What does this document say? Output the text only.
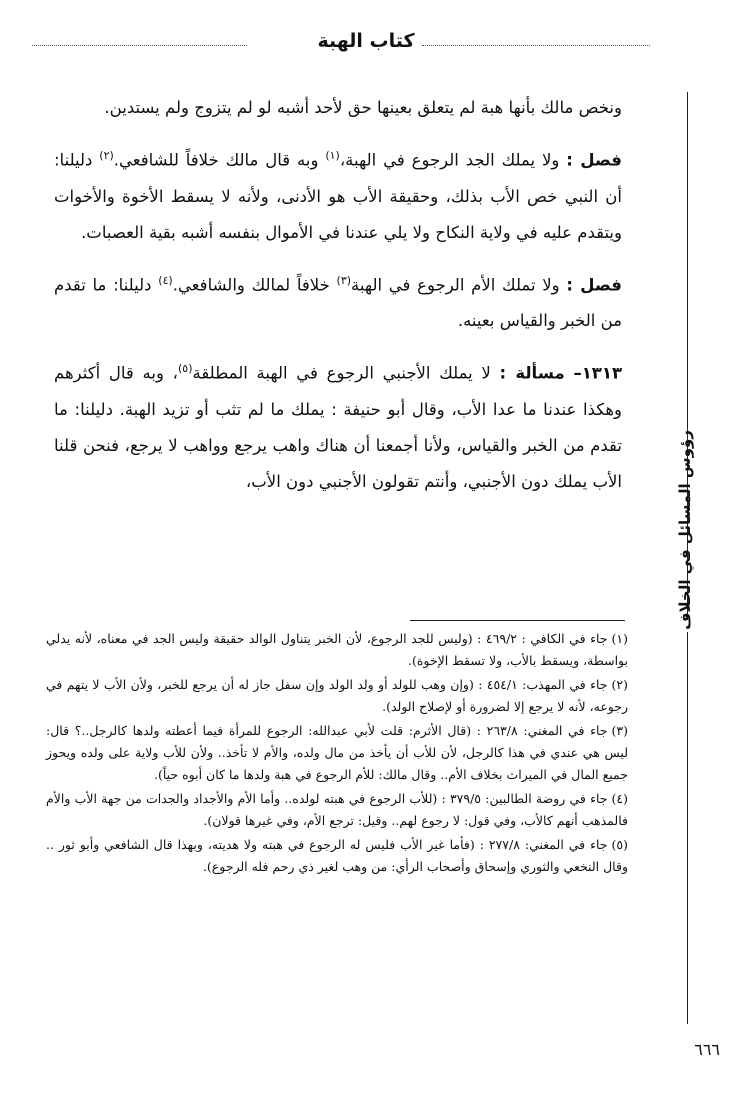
كتاب الهبة
رؤوس المسائل في الخلاف

ونخص مالك بأنها هبة لم يتعلق بعينها حق لأحد أشبه لو لم يتزوج ولم يستدين.

فصل : ولا يملك الجد الرجوع في الهبة،$^{(١)}$ وبه قال مالك خلافاً للشافعي.$^{(٢)}$ دليلنا: أن النبي خص الأب بذلك، وحقيقة الأب هو الأدنى، ولأنه لا يسقط الأخوة والأخوات ويتقدم عليه في ولاية النكاح ولا يلي عندنا في الأموال بنفسه أشبه بقية العصبات.

فصل : ولا تملك الأم الرجوع في الهبة$^{(٣)}$ خلافاً لمالك والشافعي.$^{(٤)}$ دليلنا: ما تقدم من الخبر والقياس بعينه.

١٣١٣– مسألة : لا يملك الأجنبي الرجوع في الهبة المطلقة$^{(٥)}$، وبه قال أكثرهم وهكذا عندنا ما عدا الأب، وقال أبو حنيفة : يملك ما لم تثب أو تزيد الهبة. دليلنا: ما تقدم من الخبر والقياس، ولأنا أجمعنا أن هناك واهب يرجع وواهب لا يرجع، فنحن قلنا الأب يملك دون الأجنبي، وأنتم تقولون الأجنبي دون الأب،

(١)جاء في الكافي : ٤٦٩/٢ : (وليس للجد الرجوع، لأن الخبر يتناول الوالد حقيقة وليس الجد في معناه، لأنه يدلي بواسطة، ويسقط بالأب، ولا تسقط الإخوة).

(٢)جاء في المهذب: ٤٥٤/١ : (وإن وهب للولد أو ولد الولد وإن سفل جاز له أن يرجع للخبر، ولأن الأب لا يتهم في رجوعه، لأنه لا يرجع إلا لضرورة أو لإصلاح الولد).

(٣)جاء في المغني: ٢٦٣/٨ : (قال الأثرم: قلت لأبي عبدالله: الرجوع للمرأة فيما أعطته ولدها كالرجل..؟ قال: ليس هي عندي في هذا كالرجل، لأن للأب أن يأخذ من مال ولده، والأم لا تأخذ.. ولأن للأب ولاية على ولده ويحوز جميع المال في الميراث بخلاف الأم.. وقال مالك: للأم الرجوع في هبة ولدها ما كان أبوه حياً).

(٤)جاء في روضة الطالبين: ٣٧٩/٥ : (للأب الرجوع في هبته لولده.. وأما الأم والأجداد والجدات من جهة الأب والأم فالمذهب أنهم كالأب، وفي قول: لا رجوع لهم.. وقيل: ترجع الأم، وفي غيرها قولان).

(٥)جاء في المغني: ٢٧٧/٨ : (فأما غير الأب فليس له الرجوع في هبته ولا هديته، وبهذا قال الشافعي وأبو ثور .. وقال النخعي والثوري وإسحاق وأصحاب الرأي: من وهب لغير ذي رحم فله الرجوع).

٦٦٦
